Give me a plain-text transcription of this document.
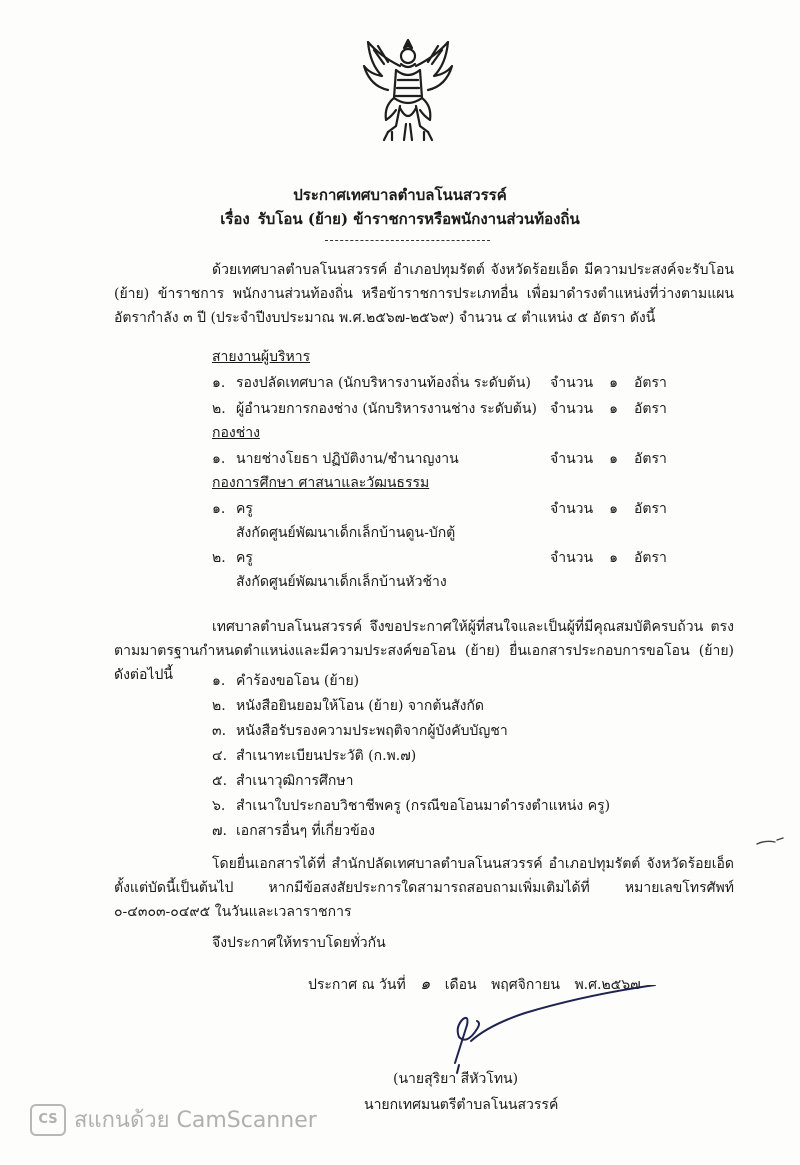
ประกาศเทศบาลตำบลโนนสวรรค์
เรื่อง รับโอน (ย้าย) ข้าราชการหรือพนักงานส่วนท้องถิ่น
ด้วยเทศบาลตำบลโนนสวรรค์ อำเภอปทุมรัตต์ จังหวัดร้อยเอ็ด มีความประสงค์จะรับโอน (ย้าย) ข้าราชการ พนักงานส่วนท้องถิ่น หรือข้าราชการประเภทอื่น เพื่อมาดำรงตำแหน่งที่ว่างตามแผนอัตรากำลัง ๓ ปี (ประจำปีงบประมาณ พ.ศ.๒๕๖๗-๒๕๖๙) จำนวน ๔ ตำแหน่ง ๕ อัตรา ดังนี้
สายงานผู้บริหาร
๑. รองปลัดเทศบาล (นักบริหารงานท้องถิ่น ระดับต้น) จำนวน ๑ อัตรา
๒. ผู้อำนวยการกองช่าง (นักบริหารงานช่าง ระดับต้น) จำนวน ๑ อัตรา
กองช่าง
๑. นายช่างโยธา ปฏิบัติงาน/ชำนาญงาน	จำนวน ๑ อัตรา
กองการศึกษา ศาสนาและวัฒนธรรม
๑. ครู	จำนวน ๑ อัตรา
สังกัดศูนย์พัฒนาเด็กเล็กบ้านดูน-บักตู้
๒. ครู	จำนวน ๑ อัตรา
สังกัดศูนย์พัฒนาเด็กเล็กบ้านหัวช้าง
เทศบาลตำบลโนนสวรรค์ จึงขอประกาศให้ผู้ที่สนใจและเป็นผู้ที่มีคุณสมบัติครบถ้วน ตรงตามมาตรฐานกำหนดตำแหน่งและมีความประสงค์ขอโอน (ย้าย) ยื่นเอกสารประกอบการขอโอน (ย้าย) ดังต่อไปนี้	๑. คำร้องขอโอน (ย้าย)
๒. หนังสือยินยอมให้โอน (ย้าย) จากต้นสังกัด
๓. หนังสือรับรองความประพฤติจากผู้บังคับบัญชา
๔. สำเนาทะเบียนประวัติ (ก.พ.๗)
๕. สำเนาวุฒิการศึกษา
๖. สำเนาใบประกอบวิชาชีพครู (กรณีขอโอนมาดำรงตำแหน่ง ครู)
๗. เอกสารอื่นๆ ที่เกี่ยวข้อง
โดยยื่นเอกสารได้ที่ สำนักปลัดเทศบาลตำบลโนนสวรรค์ อำเภอปทุมรัตต์ จังหวัดร้อยเอ็ด ตั้งแต่บัดนี้เป็นต้นไป หากมีข้อสงสัยประการใดสามารถสอบถามเพิ่มเติมได้ที่ หมายเลขโทรศัพท์ ๐-๔๓๐๓-๐๔๙๕ ในวันและเวลาราชการ
จึงประกาศให้ทราบโดยทั่วกัน
ประกาศ ณ วันที่ ๑ เดือน พฤศจิกายน พ.ศ.๒๕๖๗
(นายสุริยา สีหัวโทน)
นายกเทศมนตรีตำบลโนนสวรรค์
CS สแกนด้วย CamScanner
